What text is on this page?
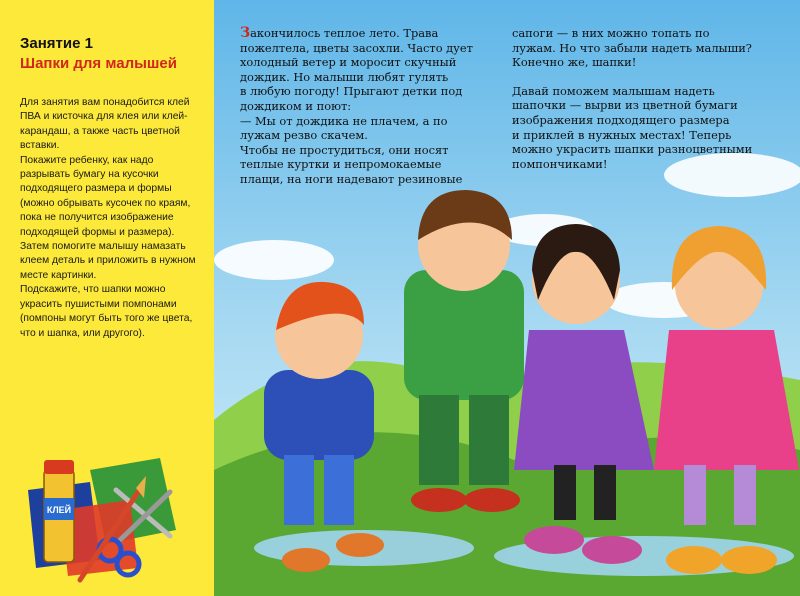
Занятие 1
Шапки для малышей

Для занятия вам понадобится клей ПВА и кисточка для клея или клей-карандаш, а также часть цветной вставки.

Покажите ребенку, как надо разрывать бумагу на кусочки подходящего размера и формы (можно обрывать кусочек по краям, пока не получится изображение подходящей формы и размера). Затем помогите малышу намазать клеем деталь и приложить в нужном месте картинки.

Подскажите, что шапки можно украсить пушистыми помпонами (помпоны могут быть того же цвета, что и шапка, или другого).

КЛЕЙ

Закончилось теплое лето. Трава

пожелтела, цветы засохли. Часто дует

холодный ветер и моросит скучный

дождик. Но малыши любят гулять

в любую погоду! Прыгают детки под

дождиком и поют:

— Мы от дождика не плачем, а по

лужам резво скачем.

Чтобы не простудиться, они носят

теплые куртки и непромокаемые

плащи, на ноги надевают резиновые

сапоги — в них можно топать по

лужам. Но что забыли надеть малыши?

Конечно же, шапки!

Давай поможем малышам надеть

шапочки — вырви из цветной бумаги

изображения подходящего размера

и приклей в нужных местах! Теперь

можно украсить шапки разноцветными

помпончиками!
